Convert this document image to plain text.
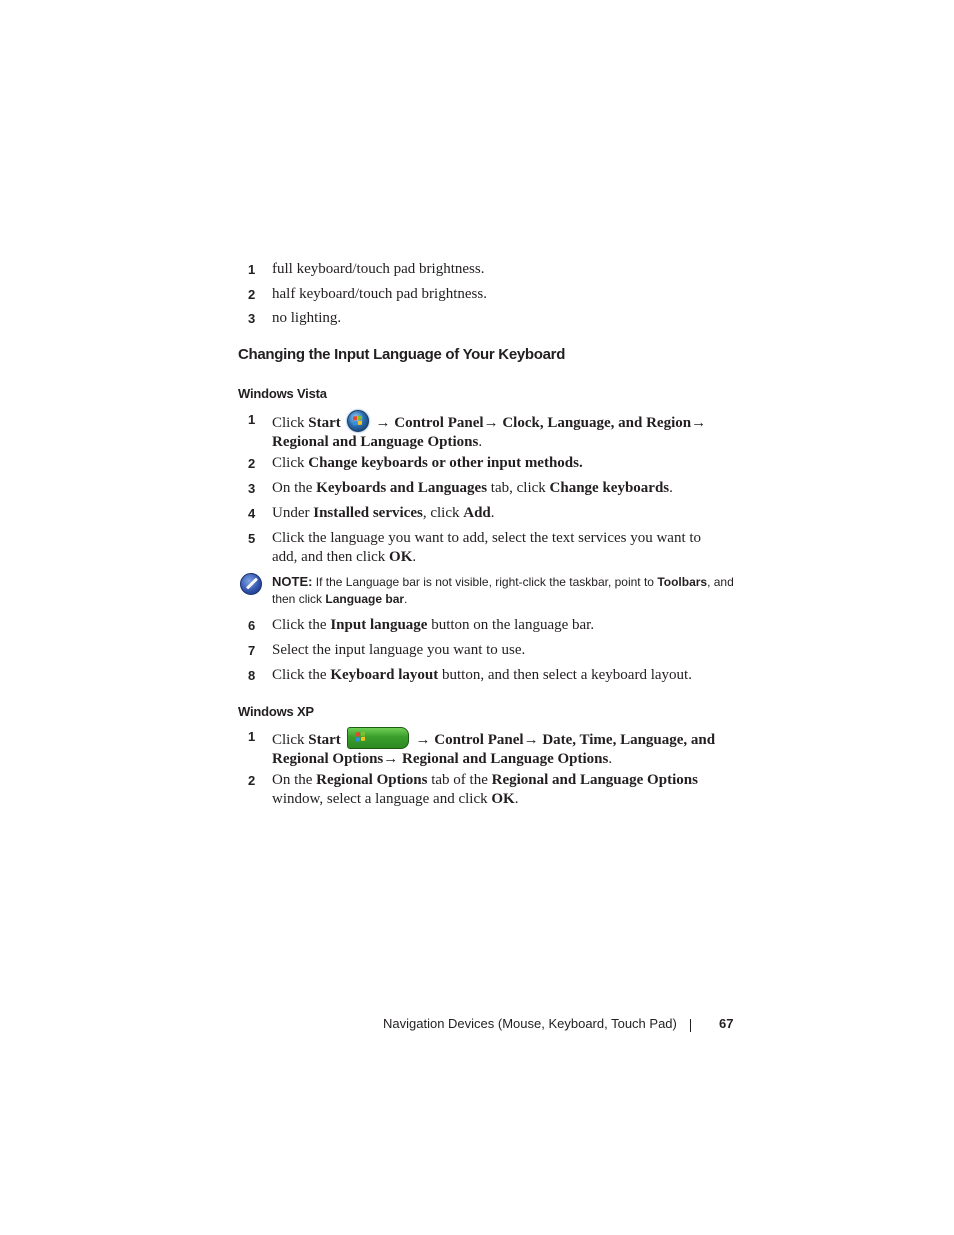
1 full keyboard/touch pad brightness.
2 half keyboard/touch pad brightness.
3 no lighting.
Changing the Input Language of Your Keyboard
Windows Vista
1 Click Start
→ Control Panel→ Clock, Language, and Region→ Regional and Language Options.
2 Click Change keyboards or other input methods.
3 On the Keyboards and Languages tab, click Change keyboards.
4 Under Installed services, click Add.
5 Click the language you want to add, select the text services you want to add, and then click OK.
NOTE: If the Language bar is not visible, right-click the taskbar, point to Toolbars, and then click Language bar.
6 Click the Input language button on the language bar.
7 Select the input language you want to use.
8 Click the Keyboard layout button, and then select a keyboard layout.
Windows XP
1 Click Start	→ Control Panel→ Date, Time, Language, and Regional Options→ Regional and Language Options.
2 On the Regional Options tab of the Regional and Language Options window, select a language and click OK.
Navigation Devices (Mouse, Keyboard, Touch Pad)	67
